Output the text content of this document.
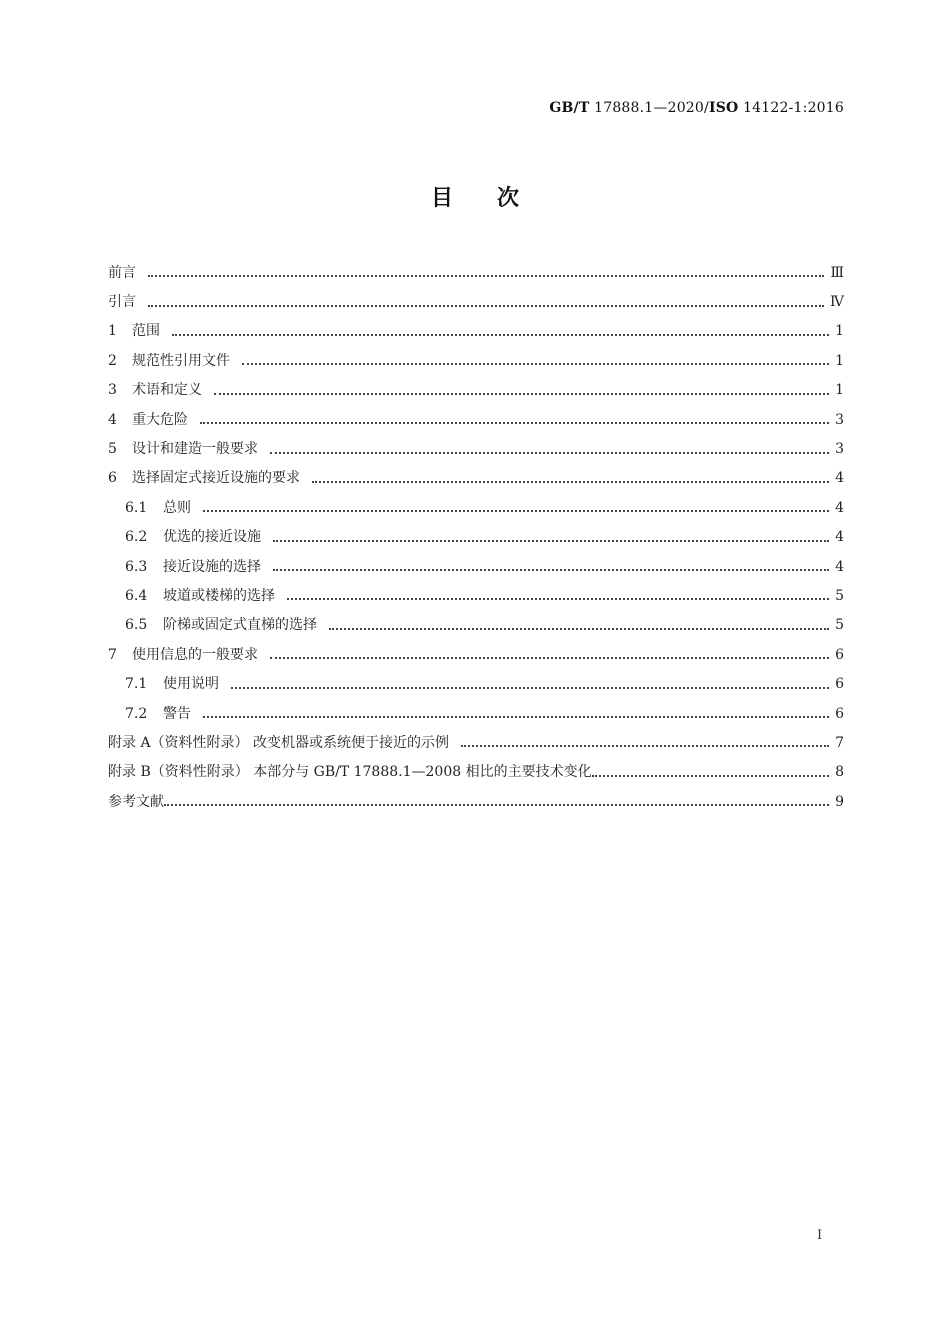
GB/T 17888.1—2020/ISO 14122-1:2016
目次
前言	Ⅲ
引言	Ⅳ
1	范围	1
2	规范性引用文件	1
3	术语和定义	1
4	重大危险	3
5	设计和建造一般要求	3
6	选择固定式接近设施的要求	4
6.1	总则	4
6.2	优选的接近设施	4
6.3	接近设施的选择	4
6.4	坡道或楼梯的选择	5
6.5	阶梯或固定式直梯的选择	5
7	使用信息的一般要求	6
7.1	使用说明	6
7.2	警告	6
附录 A（资料性附录） 改变机器或系统便于接近的示例	7
附录 B（资料性附录） 本部分与 GB/T 17888.1—2008 相比的主要技术变化	8
参考文献	9
I
